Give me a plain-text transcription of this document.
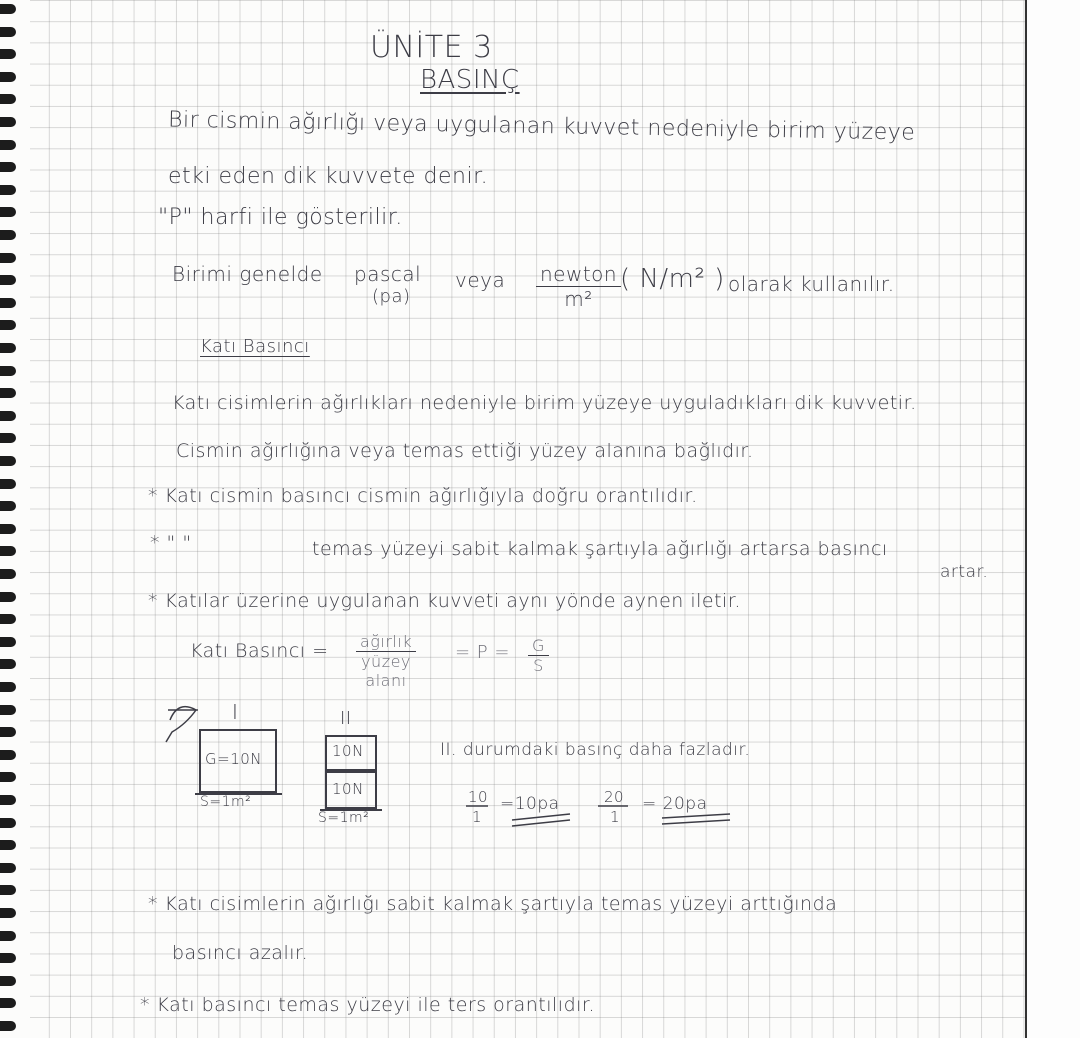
ÜNİTE 3
BASINÇ
Bir cismin ağırlığı veya uygulanan kuvvet nedeniyle birim yüzeye
etki eden dik kuvvete denir.
"P" harfi ile gösterilir.
Birimi genelde pascal
(pa)
veya $\frac{\text{newton}}{\text{m²}}$
( N/m² ) olarak kullanılır.
Katı Basıncı
Katı cisimlerin ağırlıkları nedeniyle birim yüzeye uyguladıkları dik kuvvetir.
Cismin ağırlığına veya temas ettiği yüzey alanına bağlıdır.
* Katı cismin basıncı cismin ağırlığıyla doğru orantılıdır.
* " "	temas yüzeyi sabit kalmak şartıyla ağırlığı artarsa basıncı
artar.
* Katılar üzerine uygulanan kuvveti aynı yönde aynen iletir.
Katı Basıncı = $\frac{\text{ağırlık}}{\text{yüzey alanı}} = P = \frac{G}{S}$
I	II
G=10N
S=1m²
10N
10N
S=1m²
II. durumdaki basınç daha fazladır.
10
1
=10pa	20
1
= 20pa
* Katı cisimlerin ağırlığı sabit kalmak şartıyla temas yüzeyi arttığında
basıncı azalır.
* Katı basıncı temas yüzeyi ile ters orantılıdır.
